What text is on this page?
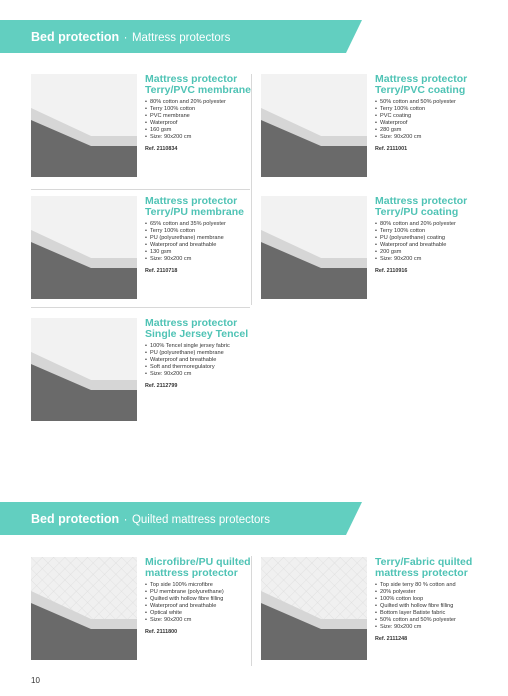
Bed protection · Mattress protectors
Mattress protector
Terry/PVC membrane
• 80% cotton and 20% polyester
• Terry 100% cotton
• PVC membrane
• Waterproof
• 160 gsm
• Size: 90x200 cm
Ref. 2110834
Mattress protector
Terry/PVC coating
• 50% cotton and 50% polyester
• Terry 100% cotton
• PVC coating
• Waterproof
• 280 gsm
• Size: 90x200 cm
Ref. 2111001
Mattress protector
Terry/PU membrane
• 65% cotton and 35% polyester
• Terry 100% cotton
• PU (polyurethane) membrane
• Waterproof and breathable
• 130 gsm
• Size: 90x200 cm
Ref. 2110718
Mattress protector
Terry/PU coating
• 80% cotton and 20% polyester
• Terry 100% cotton
• PU (polyurethane) coating
• Waterproof and breathable
• 200 gsm
• Size: 90x200 cm
Ref. 2110916
Mattress protector
Single Jersey Tencel
• 100% Tencel single jersey fabric
• PU (polyurethane) membrane
• Waterproof and breathable
• Soft and thermoregulatory
• Size: 90x200 cm
Ref. 2112799
Bed protection · Quilted mattress protectors
Microfibre/PU quilted
mattress protector
• Top side 100% microfibre
• PU membrane (polyurethane)
• Quilted with hollow fibre filling
• Waterproof and breathable
• Optical white
• Size: 90x200 cm
Ref. 2111800
Terry/Fabric quilted
mattress protector
• Top side terry 80 % cotton and
• 20% polyester
• 100% cotton loop
• Quilted with hollow fibre filling
• Bottom layer Batiste fabric
• 50% cotton and 50% polyester
• Size: 90x200 cm
Ref. 2111248
10
